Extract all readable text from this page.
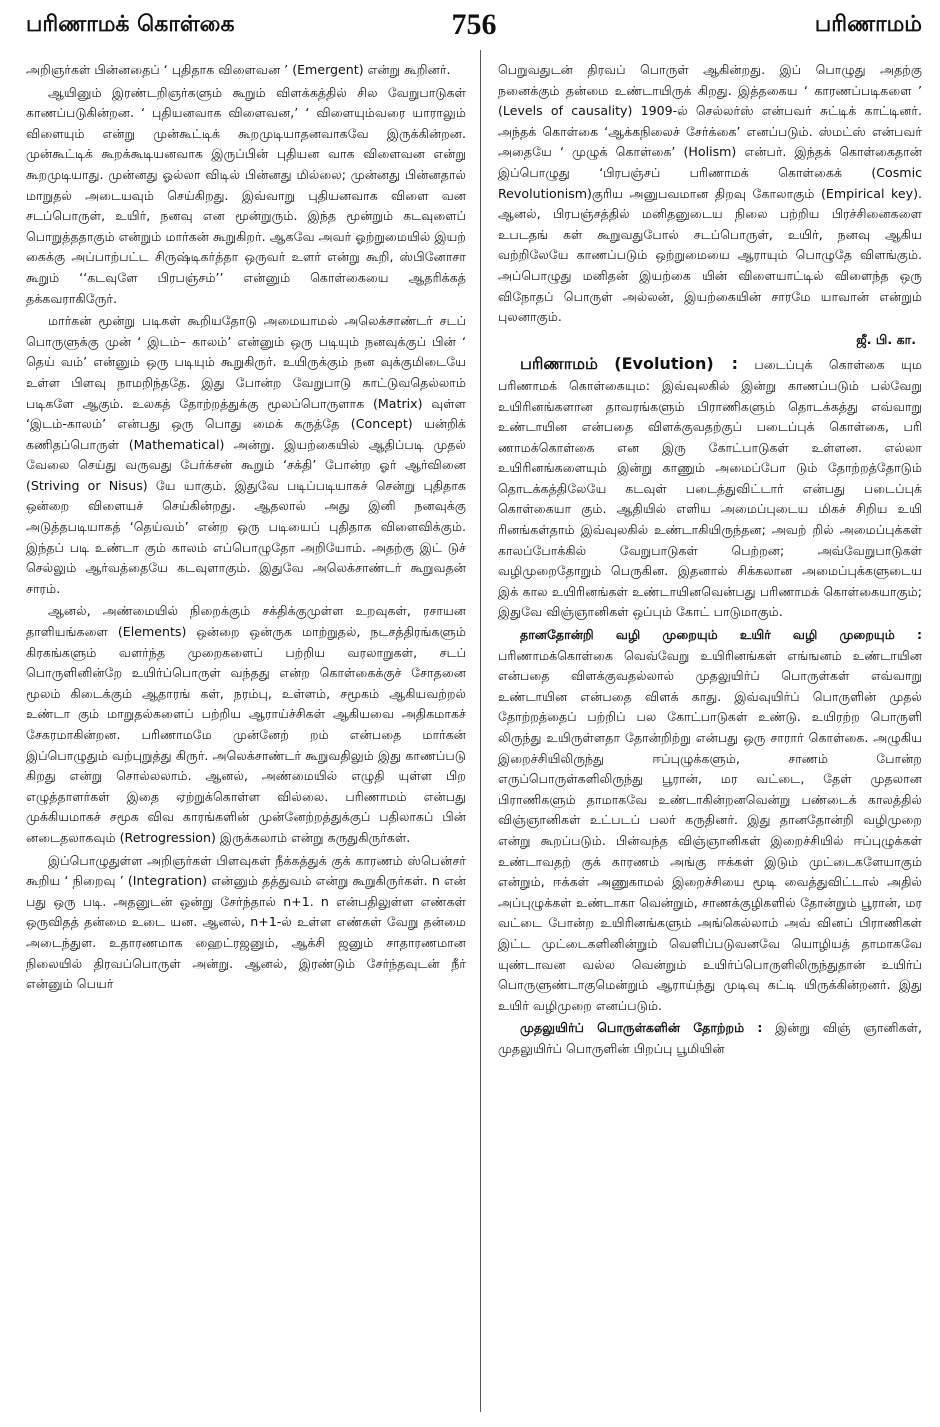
பரிணாமக் கொள்கை	756	பரிணாமம்

அறிஞர்கள் பின்னதைப் ‘ புதிதாக விளைவன ’ (Emergent) என்று கூறினர்.

ஆயினும் இரண்டறிஞர்களும் கூறும் விளக்கத்தில் சில வேறுபாடுகள் காணப்படுகின்றன. ‘ புதியனவாக விளைவன,’ ‘ விளையும்வரை யாராலும் விளையும் என்று முன்கூட்டிக் கூறமுடியாதனவாகவே இருக்கின்றன. முன்கூட்டிக் கூறக்கூடியனவாக இருப்பின் புதியன வாக விளைவன என்று கூறமுடியாது. முன்னது ஓல்லா விடில் பின்னது மில்லை; முன்னது பின்னதால் மாறுதல் அடையவும் செய்கிறது. இவ்வாறு புதியனவாக விளை வன சடப்பொருள், உயிர், நனவு என மூன்றுரும். இந்த மூன்றும் கடவுளைப் பொறுத்ததாகும் என்றும் மார்கன் கூறுகிறர். ஆகவே அவர் ஓற்றுமையில் இயற் கைக்கு அப்பாற்பட்ட சிருஷ்டிகர்த்தா ஒருவர் உளர் என்று கூறி, ஸ்பினோசா கூறும் ‘‘கடவுளே பிரபஞ்சம்’’ என்னும் கொள்கையை ஆதரிக்கத் தக்கவராகிருேர்.

மார்கன் மூன்று படிகள் கூறியதோடு அமையாமல் அலெக்சாண்டர் சடப் பொருளுக்கு முன் ‘ இடம்– காலம்’ என்னும் ஒரு படியும் நனவுக்குப் பின் ‘ தெய் வம்’ என்னும் ஒரு படியும் கூறுகிருர். உயிருக்கும் நன வுக்குமிடையே உள்ள பிளவு நாமறிந்ததே. இது போன்ற வேறுபாடு காட்டுவதெல்லாம் படிகளே ஆகும். உலகத் தோற்றத்துக்கு மூலப்பொருளாக (Matrix) வுள்ள ‘இடம்-காலம்’ என்பது ஒரு பொது மைக் கருத்தே (Concept) யன்றிக் கணிதப்பொருள் (Mathematical) அன்று. இயற்கையில் ஆதிப்படி முதல் வேலை செய்து வருவது பேர்க்சன் கூறும் ‘சக்தி’ போன்ற ஓர் ஆர்வினை (Striving or Nisus) யே யாகும். இதுவே படிப்படியாகச் சென்று புதிதாக ஒன்றை விளையச் செய்கின்றது. ஆதலால் அது இனி நனவுக்கு அடுத்தபடியாகத் ‘தெய்வம்’ என்ற ஒரு படியைப் புதிதாக விளைவிக்கும். இந்தப் படி உண்டா கும் காலம் எப்பொழுதோ அறியோம். அதற்கு இட் டுச் செல்லும் ஆர்வத்தையே கடவுளாகும். இதுவே அலெக்சாண்டர் கூறுவதன் சாரம்.

ஆனல், அண்மையில் நிறைக்கும் சக்திக்குமுள்ள உறவுகள், ரசாயன தாளியங்களை (Elements) ஒன்றை ஒன்ருக மாற்றுதல், நடசத்திரங்களும் கிரகங்களும் வளர்ந்த முறைகளைப் பற்றிய வரலாறுகள், சடப் பொருளினின்றே உயிர்ப்பொருள் வந்தது என்ற கொள்கைக்குச் சோதனை மூலம் கிடைக்கும் ஆதாரங் கள், நரம்பு, உள்ளம், சமூகம் ஆகியவற்றல் உண்டா கும் மாறுதல்களைப் பற்றிய ஆராய்ச்சிகள் ஆகியவை அதிகமாகச் சேகரமாகின்றன. பரிணாமமே முன்னேற் றம் என்பதை மார்கன் இப்பொழுதும் வற்புறுத்து கிருர். அலெக்சாண்டர் கூறுவதிலும் இது காணப்படு கிறது என்று சொல்லலாம். ஆனல், அண்மையில் எழுதி யுள்ள பிற எழுத்தாளர்கள் இதை ஏற்றுக்கொள்ள வில்லை. பரிணாமம் என்பது முக்கியமாகச் சமூக விவ காரங்களின் முன்னேற்றத்துக்குப் பதிலாகப் பின் னடைதலாகவும் (Retrogression) இருக்கலாம் என்று கருதுகிருர்கள்.

இப்பொழுதுள்ள அறிஞர்கள் பிளவுகள் நீக்கத்துக் குக் காரணம் ஸ்பென்சர் கூறிய ‘ நிறைவு ’ (Integration) என்னும் தத்துவம் என்று கூறுகிருர்கள். n என் பது ஒரு படி. அதனுடன் ஒன்று சேர்ந்தால் n+1. n என்பதிலுள்ள எண்கள் ஒருவிதத் தன்மை உடை யன. ஆனல், n+1-ல் உள்ள எண்கள் வேறு தன்மை அடைந்துள. உதாரணமாக ஹைட்ரஜனும், ஆக்சி ஜனும் சாதாரணமான நிலையில் திரவப்பொருள் அன்று. ஆனல், இரண்டும் சேர்ந்தவுடன் நீர் என்னும் பெயர்

பெறுவதுடன் திரவப் பொருள் ஆகின்றது. இப் பொழுது அதற்கு நனைக்கும் தன்மை உண்டாயிருக் கிறது. இத்தகைய ‘ காரணப்படிகளை ’ (Levels of causality) 1909-ல் செல்லர்ஸ் என்பவர் சுட்டிக் காட்டினர். அந்தக் கொள்கை ‘ஆக்கநிலைச் சேர்க்கை’ எனப்படும். ஸ்மட்ஸ் என்பவர் அதையே ‘ முழுக் கொள்கை’ (Holism) என்பர். இந்தக் கொள்கைதான் இப்பொழுது ‘பிரபஞ்சப் பரிணாமக் கொள்கைக் (Cosmic Revolutionism)குரிய அனுபவமான திறவு கோலாகும் (Empirical key). ஆனல், பிரபஞ்சத்தில் மனிதனுடைய நிலை பற்றிய பிரச்சினைகளை உபடதங் கள் கூறுவதுபோல் சடப்பொருள், உயிர், நனவு ஆகிய வற்றிலேயே காணப்படும் ஒற்றுமையை ஆராயும் பொழுதே விளங்கும். அப்பொழுது மனிதன் இயற்கை யின் விளையாட்டில் விளைந்த ஒரு விநோதப் பொருள் அல்லன், இயற்கையின் சாரமே யாவான் என்றும் புலனாகும்.

ஜீ. பி. கா.

பரிணாமம் (Evolution) : படைப்புக் கொள்கை யும பரிணாமக் கொள்கையும: இவ்வுலகில் இன்று காணப்படும் பல்வேறு உயிரினங்களான தாவரங்களும் பிராணிகளும் தொடக்கத்து எவ்வாறு உண்டாயின என்பதை விளக்குவதற்குப் படைப்புக் கொள்கை, பரி ணாமக்கொள்கை என இரு கோட்பாடுகள் உள்ளன. எல்லா உயிரினங்களையும் இன்று காணும் அமைப்போ டும் தோற்றத்தோடும் தொடக்கத்திலேயே கடவுள் படைத்துவிட்டார் என்பது படைப்புக் கொள்கையா கும். ஆதியில் எளிய அமைப்புடைய மிகச் சிறிய உயி ரினங்கள்தாம் இவ்வுலகில் உண்டாகியிருந்தன; அவற் றில் அமைப்புக்கள் காலப்போக்கில் வேறுபாடுகள் பெற்றன; அவ்வேறுபாடுகள் வழிமுறைதோறும் பெருகின. இதனால் சிக்கலான அமைப்புக்களுடைய இக் கால உயிரினங்கள் உண்டாயினவென்பது பரிணாமக் கொள்கையாகும்; இதுவே விஞ்ஞானிகள் ஒப்பும் கோட் பாடுமாகும்.

தானதோன்றி வழி முறையும் உயிர் வழி முறையும் : பரிணாமக்கொள்கை வெவ்வேறு உயிரினங்கள் எங்ஙனம் உண்டாயின என்பதை விளக்குவதல்லால் முதலுயிர்ப் பொருள்கள் எவ்வாறு உண்டாயின என்பதை விளக் காது. இவ்வுயிர்ப் பொருளின் முதல் தோற்றத்தைப் பற்றிப் பல கோட்பாடுகள் உண்டு. உயிரற்ற பொருளி லிருந்து உயிருள்ளதா தோன்றிற்று என்பது ஒரு சாரார் கொள்கை. அழுகிய இறைச்சியிலிருந்து ஈப்புழுக்களும், சாணம் போன்ற எருப்பொருள்களிலிருந்து பூரான், மர வட்டை, தேள் முதலான பிராணிகளும் தாமாகவே உண்டாகின்றனவென்று பண்டைக் காலத்தில் விஞ்ஞானிகள் உட்படப் பலர் கருதினர். இது தானதோன்றி வழிமுறை என்று கூறப்படும். பின்வந்த விஞ்ஞானிகள் இறைச்சியில் ஈப்புழுக்கள் உண்டாவதற் குக் காரணம் அங்கு ஈக்கள் இடும் முட்டைகளேயாகும் என்றும், ஈக்கள் அணுகாமல் இறைச்சியை மூடி வைத்துவிட்டால் அதில் அப்புழுக்கள் உண்டாகா வென்றும், சாணக்குழிகளில் தோன்றும் பூரான், மர வட்டை போன்ற உயிரினங்களும் அங்கெல்லாம் அவ் வினப் பிராணிகள் இட்ட முட்டைகளினின்றும் வெளிப்படுவனவே யொழியத் தாமாகவே யுண்டாவன வல்ல வென்றும் உயிர்ப்பொருளிலிருந்துதான் உயிர்ப் பொருளுண்டாகுமென்றும் ஆராய்ந்து முடிவு கட்டி யிருக்கின்றனர். இது உயிர் வழிமுறை எனப்படும்.

முதலுயிர்ப் பொருள்களின் தோற்றம் : இன்று விஞ் ஞானிகள், முதலுயிர்ப் பொருளின் பிறப்பு பூமியின்
